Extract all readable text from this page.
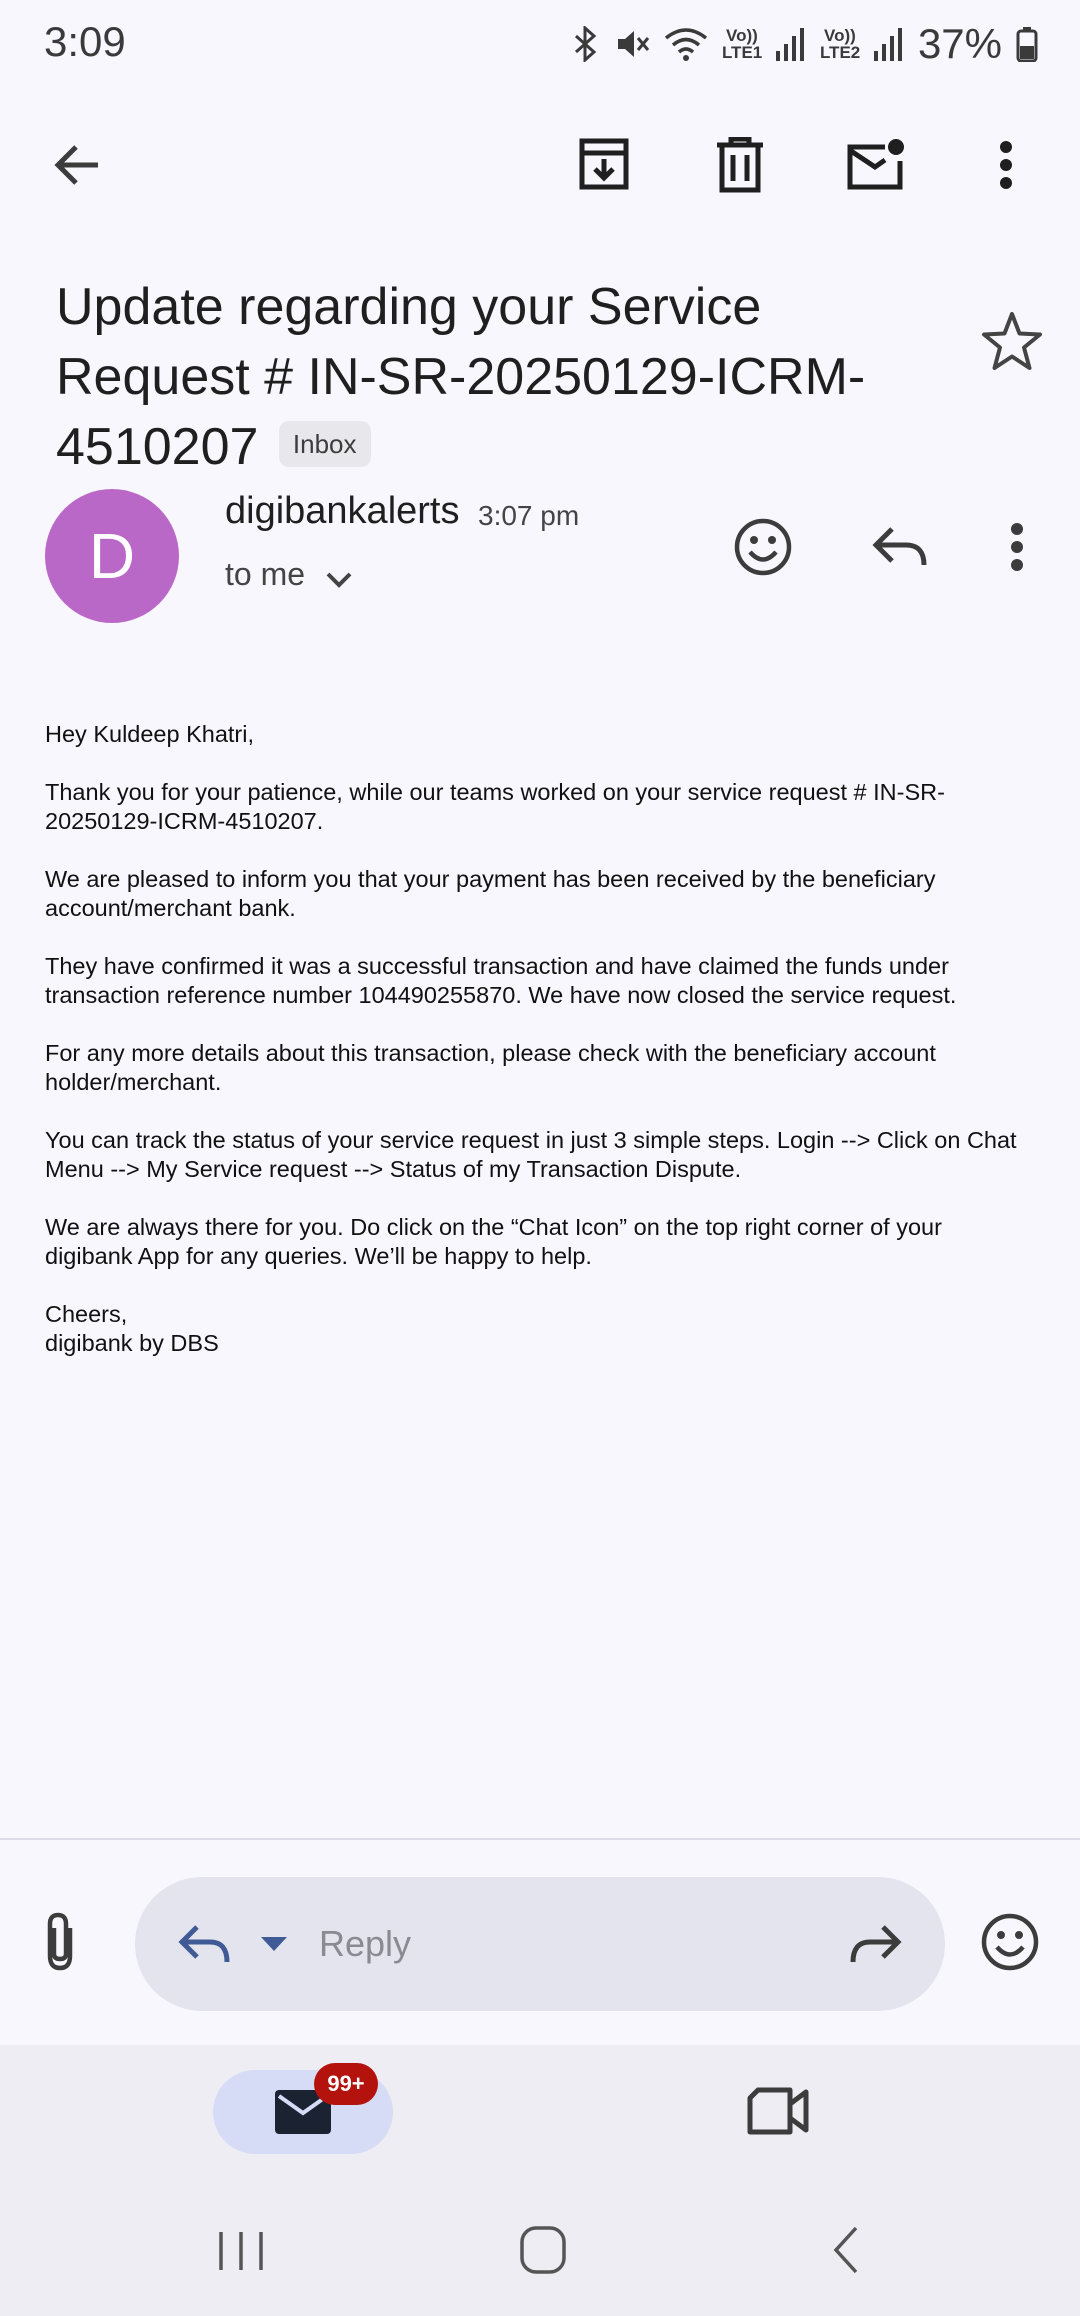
3:09	Vo)) LTE1
Vo)) LTE2 37%
Update regarding your Service Request # IN-SR-20250129-ICRM-4510207 Inbox
D
digibankalerts 3:07 pm
to me

Hey Kuldeep Khatri,

Thank you for your patience, while our teams worked on your service request # IN-SR-20250129-ICRM-4510207.

We are pleased to inform you that your payment has been received by the beneficiary account/merchant bank.

They have confirmed it was a successful transaction and have claimed the funds under transaction reference number 104490255870. We have now closed the service request.

For any more details about this transaction, please check with the beneficiary account holder/merchant.

You can track the status of your service request in just 3 simple steps. Login --> Click on Chat Menu --> My Service request --> Status of my Transaction Dispute.

We are always there for you. Do click on the “Chat Icon” on the top right corner of your digibank App for any queries. We’ll be happy to help.

Cheers,

digibank by DBS

Reply
99+
